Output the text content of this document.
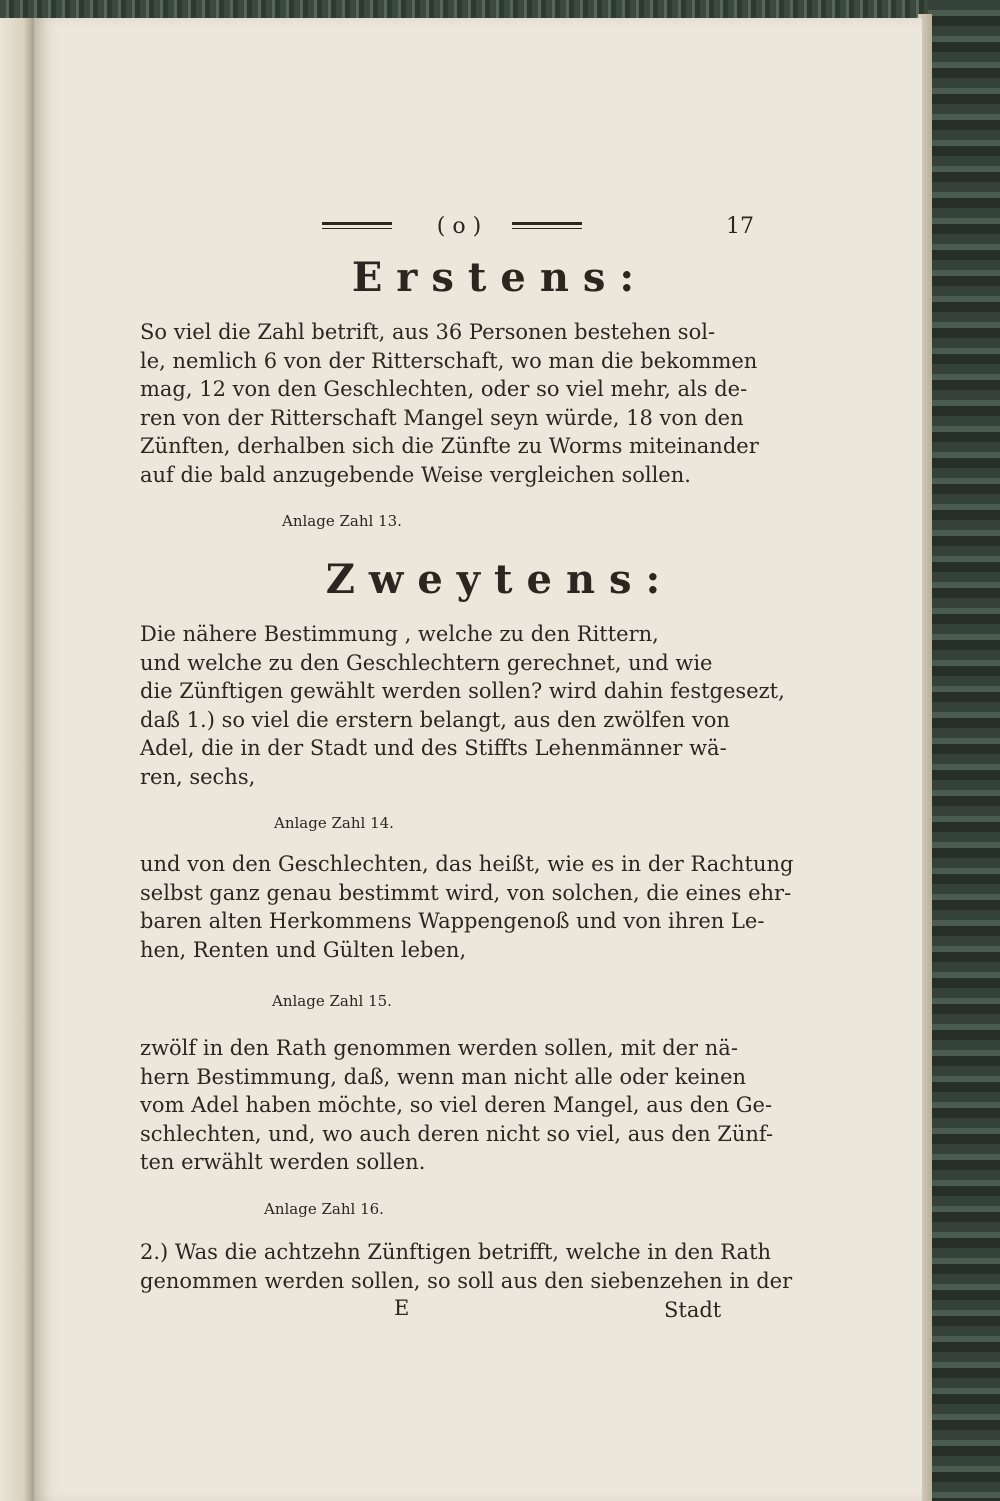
( o )	17
Erstens:
So viel die Zahl betrift, aus 36 Personen bestehen sol-
le, nemlich 6 von der Ritterschaft, wo man die bekommen
mag, 12 von den Geschlechten, oder so viel mehr, als de-
ren von der Ritterschaft Mangel seyn würde, 18 von den
Zünften, derhalben sich die Zünfte zu Worms miteinander
auf die bald anzugebende Weise vergleichen sollen.
Anlage Zahl 13.
Zweytens:
Die nähere Bestimmung , welche zu den Rittern,
und welche zu den Geschlechtern gerechnet, und wie
die Zünftigen gewählt werden sollen? wird dahin festgesezt,
daß 1.) so viel die erstern belangt, aus den zwölfen von
Adel, die in der Stadt und des Stiffts Lehenmänner wä-
ren, sechs,
Anlage Zahl 14.
und von den Geschlechten, das heißt, wie es in der Rachtung
selbst ganz genau bestimmt wird, von solchen, die eines ehr-
baren alten Herkommens Wappengenoß und von ihren Le-
hen, Renten und Gülten leben,
Anlage Zahl 15.
zwölf in den Rath genommen werden sollen, mit der nä-
hern Bestimmung, daß, wenn man nicht alle oder keinen
vom Adel haben möchte, so viel deren Mangel, aus den Ge-
schlechten, und, wo auch deren nicht so viel, aus den Zünf-
ten erwählt werden sollen.
Anlage Zahl 16.
2.) Was die achtzehn Zünftigen betrifft, welche in den Rath
genommen werden sollen, so soll aus den siebenzehen in der
E	Stadt
